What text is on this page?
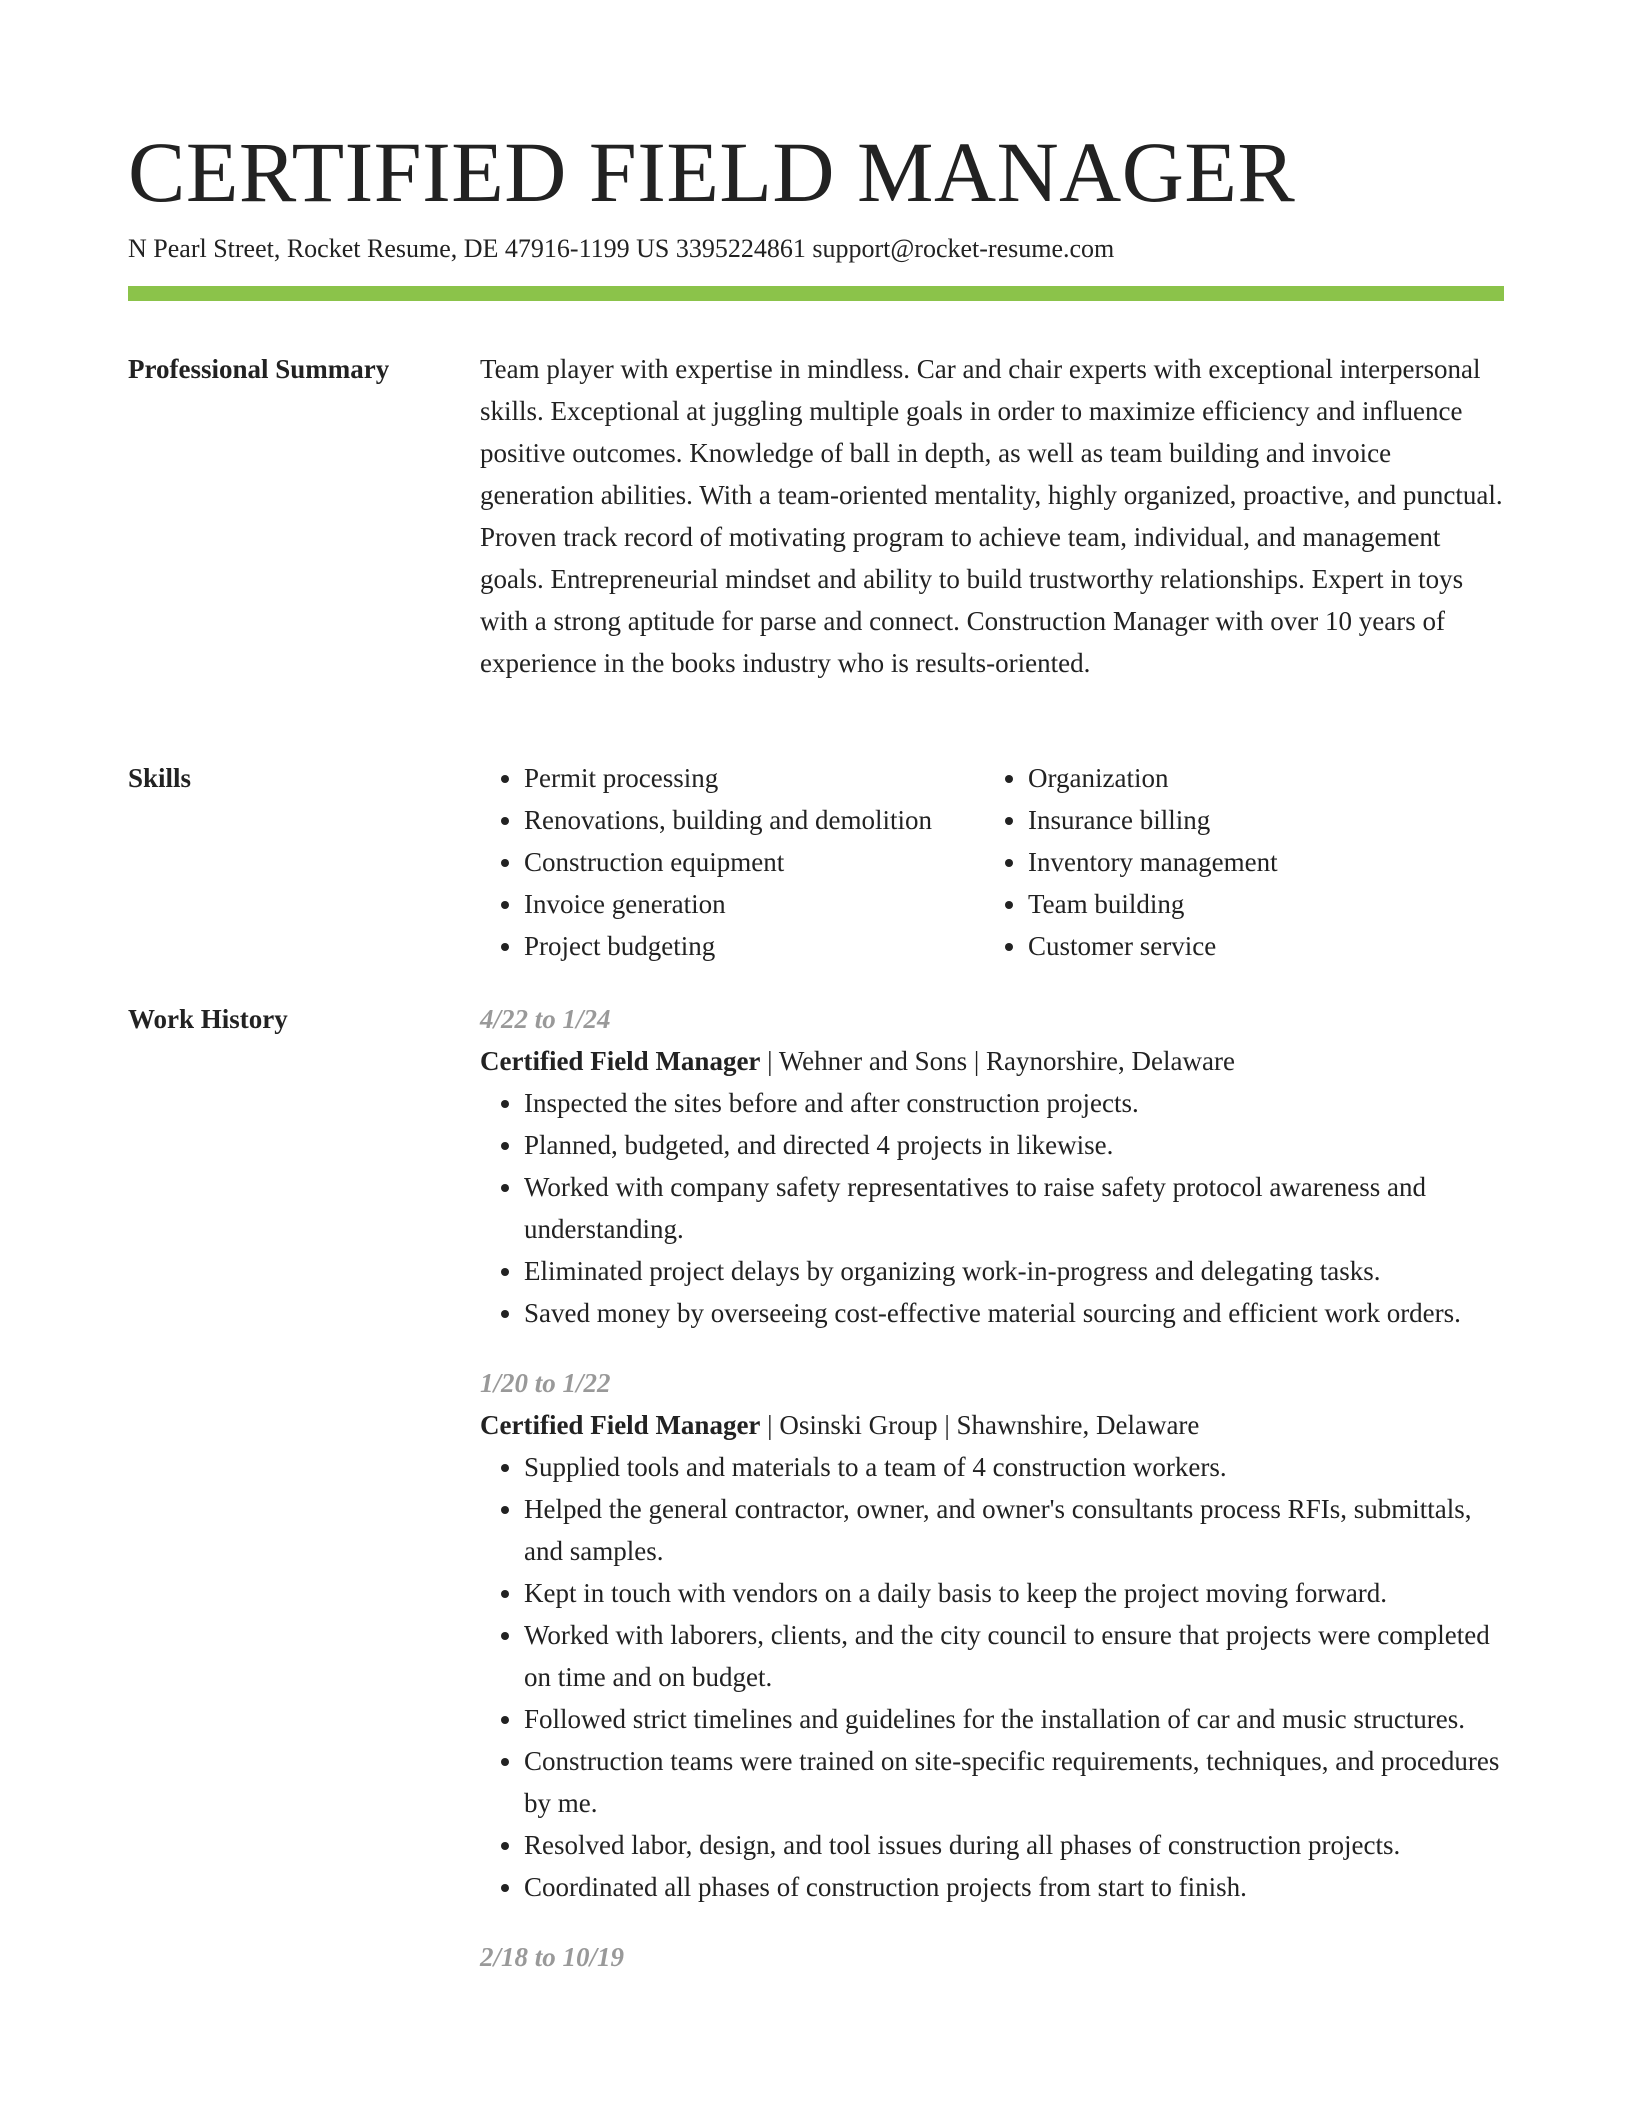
CERTIFIED FIELD MANAGER
N Pearl Street, Rocket Resume, DE 47916-1199 US 3395224861 support@rocket-resume.com
Professional Summary	Team player with expertise in mindless. Car and chair experts with exceptional interpersonal skills. Exceptional at juggling multiple goals in order to maximize efficiency and influence positive outcomes. Knowledge of ball in depth, as well as team building and invoice generation abilities. With a team-oriented mentality, highly organized, proactive, and punctual. Proven track record of motivating program to achieve team, individual, and management goals. Entrepreneurial mindset and ability to build trustworthy relationships. Expert in toys with a strong aptitude for parse and connect. Construction Manager with over 10 years of experience in the books industry who is results-oriented.

Skills	• Permit processing
• Renovations, building and demolition
• Construction equipment
• Invoice generation
• Project budgeting
• Organization
• Insurance billing
• Inventory management
• Team building
• Customer service
Work History	4/22 to 1/24
Certified Field Manager | Wehner and Sons | Raynorshire, Delaware
• Inspected the sites before and after construction projects.
• Planned, budgeted, and directed 4 projects in likewise.
• Worked with company safety representatives to raise safety protocol awareness and understanding.
• Eliminated project delays by organizing work-in-progress and delegating tasks.
• Saved money by overseeing cost-effective material sourcing and efficient work orders.
1/20 to 1/22
Certified Field Manager | Osinski Group | Shawnshire, Delaware
• Supplied tools and materials to a team of 4 construction workers.
• Helped the general contractor, owner, and owner's consultants process RFIs, submittals, and samples.
• Kept in touch with vendors on a daily basis to keep the project moving forward.
• Worked with laborers, clients, and the city council to ensure that projects were completed on time and on budget.
• Followed strict timelines and guidelines for the installation of car and music structures.
• Construction teams were trained on site-specific requirements, techniques, and procedures by me.
• Resolved labor, design, and tool issues during all phases of construction projects.
• Coordinated all phases of construction projects from start to finish.
2/18 to 10/19
